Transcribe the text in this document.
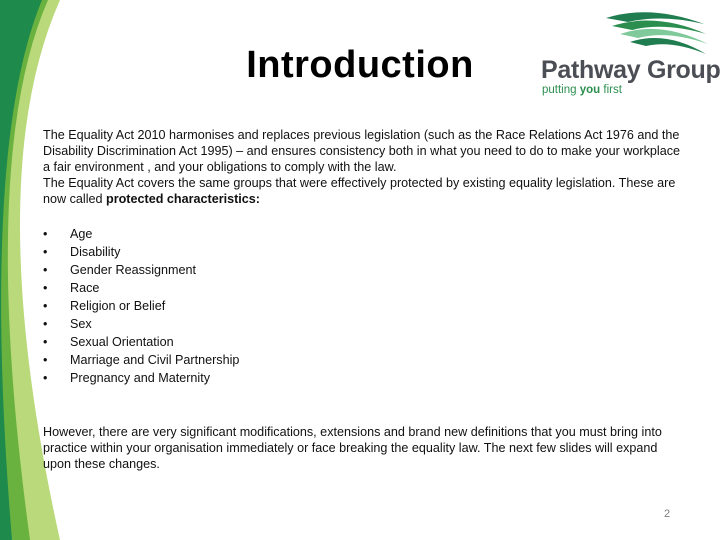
Introduction	Pathway Group
putting you first

The Equality Act 2010 harmonises and replaces previous legislation (such as the Race Relations Act 1976 and the Disability Discrimination Act 1995) – and ensures consistency both in what you need to do to make your workplace a fair environment , and your obligations to comply with the law.

The Equality Act covers the same groups that were effectively protected by existing equality legislation. These are now called protected characteristics:

•	Age
•	Disability
•	Gender Reassignment
•	Race
•	Religion or Belief
•	Sex
•	Sexual Orientation
•	Marriage and Civil Partnership
•	Pregnancy and Maternity

However, there are very significant modifications, extensions and brand new definitions that you must bring into practice within your organisation immediately or face breaking the equality law. The next few slides will expand upon these changes.

2
